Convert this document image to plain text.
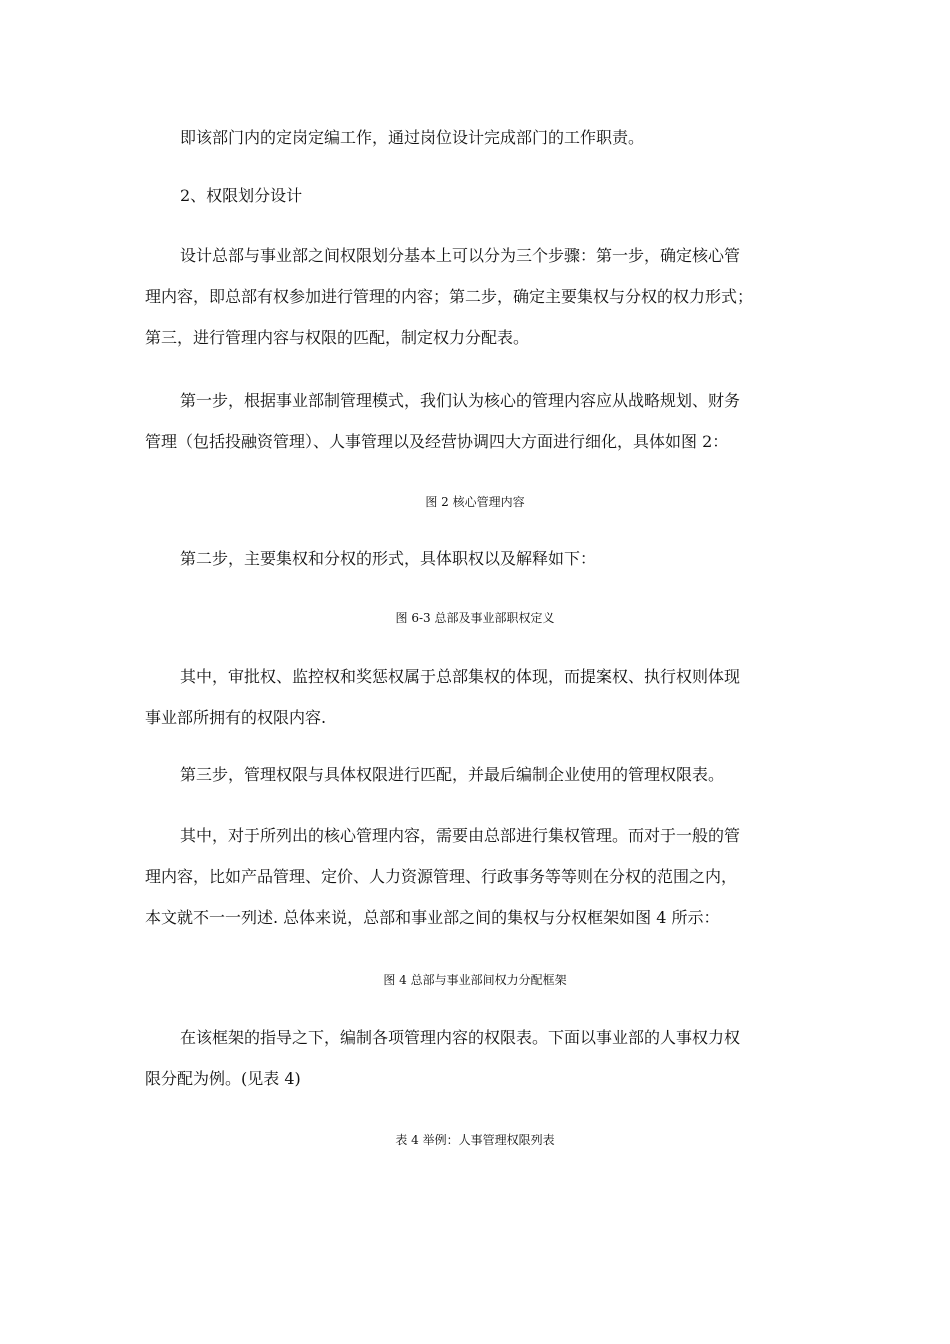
即该部门内的定岗定编工作，通过岗位设计完成部门的工作职责。

2、权限划分设计

设计总部与事业部之间权限划分基本上可以分为三个步骤：第一步，确定核心管
理内容，即总部有权参加进行管理的内容；第二步，确定主要集权与分权的权力形式；
第三，进行管理内容与权限的匹配，制定权力分配表。

第一步，根据事业部制管理模式，我们认为核心的管理内容应从战略规划、财务
管理（包括投融资管理）、人事管理以及经营协调四大方面进行细化，具体如图 2：

图 2 核心管理内容

第二步，主要集权和分权的形式，具体职权以及解释如下：

图 6-3 总部及事业部职权定义

其中，审批权、监控权和奖惩权属于总部集权的体现，而提案权、执行权则体现
事业部所拥有的权限内容.

第三步，管理权限与具体权限进行匹配，并最后编制企业使用的管理权限表。

其中，对于所列出的核心管理内容，需要由总部进行集权管理。而对于一般的管
理内容，比如产品管理、定价、人力资源管理、行政事务等等则在分权的范围之内，
本文就不一一列述. 总体来说，总部和事业部之间的集权与分权框架如图 4 所示：

图 4 总部与事业部间权力分配框架

在该框架的指导之下，编制各项管理内容的权限表。下面以事业部的人事权力权
限分配为例。(见表 4)

表 4 举例：人事管理权限列表
